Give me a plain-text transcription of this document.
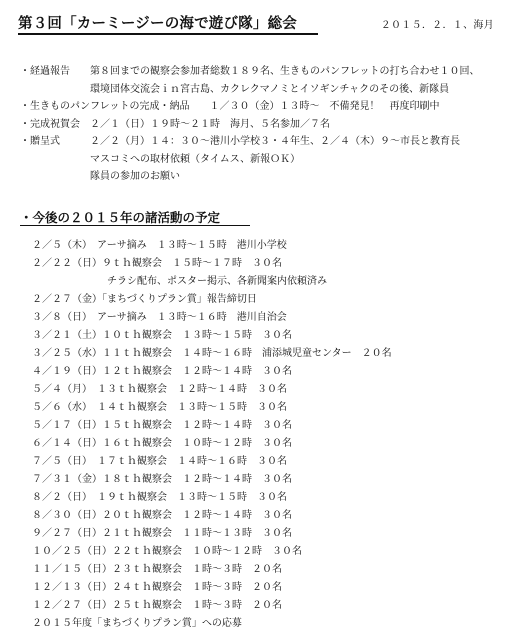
第３回「カーミージーの海で遊び隊」総会	２０１５．２．１、海月
・経過報告 第８回までの観察会参加者総数１８９名、生きものパンフレットの打ち合わせ１０回、
環境団体交流会ｉｎ宮古島、カクレクマノミとイソギンチャクのその後、新隊員
・生きものパンフレットの完成・納品　　１／３０（金）１３時～　不備発見！　再度印刷中
・完成祝賀会 ２／１（日）１９時～２１時　海月、５名参加／７名
・贈呈式	２／２（月）１４：３０～港川小学校３・４年生、２／４（木）９～市長と教育長
マスコミへの取材依頼（タイムス、新報ＯＫ）
隊員の参加のお願い
・今後の２０１５年の諸活動の予定
２／５（木）　アーサ摘み　１３時～１５時　港川小学校
２／２２（日）９ｔｈ観察会　１５時～１７時　３０名
チラシ配布、ポスター掲示、各新聞案内依頼済み
２／２７（金）「まちづくりプラン賞」報告締切日
３／８（日）　アーサ摘み　１３時～１６時　港川自治会
３／２１（土）１０ｔｈ観察会　１３時～１５時　３０名
３／２５（水）１１ｔｈ観察会　１４時～１６時　浦添城児童センター　２０名
４／１９（日）１２ｔｈ観察会　１２時～１４時　３０名
５／４（月）　１３ｔｈ観察会　１２時～１４時　３０名
５／６（水）　１４ｔｈ観察会　１３時～１５時　３０名
５／１７（日）１５ｔｈ観察会　１２時～１４時　３０名
６／１４（日）１６ｔｈ観察会　１０時～１２時　３０名
７／５（日）　１７ｔｈ観察会　１４時～１６時　３０名
７／３１（金）１８ｔｈ観察会　１２時～１４時　３０名
８／２（日）　１９ｔｈ観察会　１３時～１５時　３０名
８／３０（日）２０ｔｈ観察会　１２時～１４時　３０名
９／２７（日）２１ｔｈ観察会　１１時～１３時　３０名
１０／２５（日）２２ｔｈ観察会　１０時～１２時　３０名
１１／１５（日）２３ｔｈ観察会　１時～３時　２０名
１２／１３（日）２４ｔｈ観察会　１時～３時　２０名
１２／２７（日）２５ｔｈ観察会　１時～３時　２０名
２０１５年度「まちづくりプラン賞」への応募
